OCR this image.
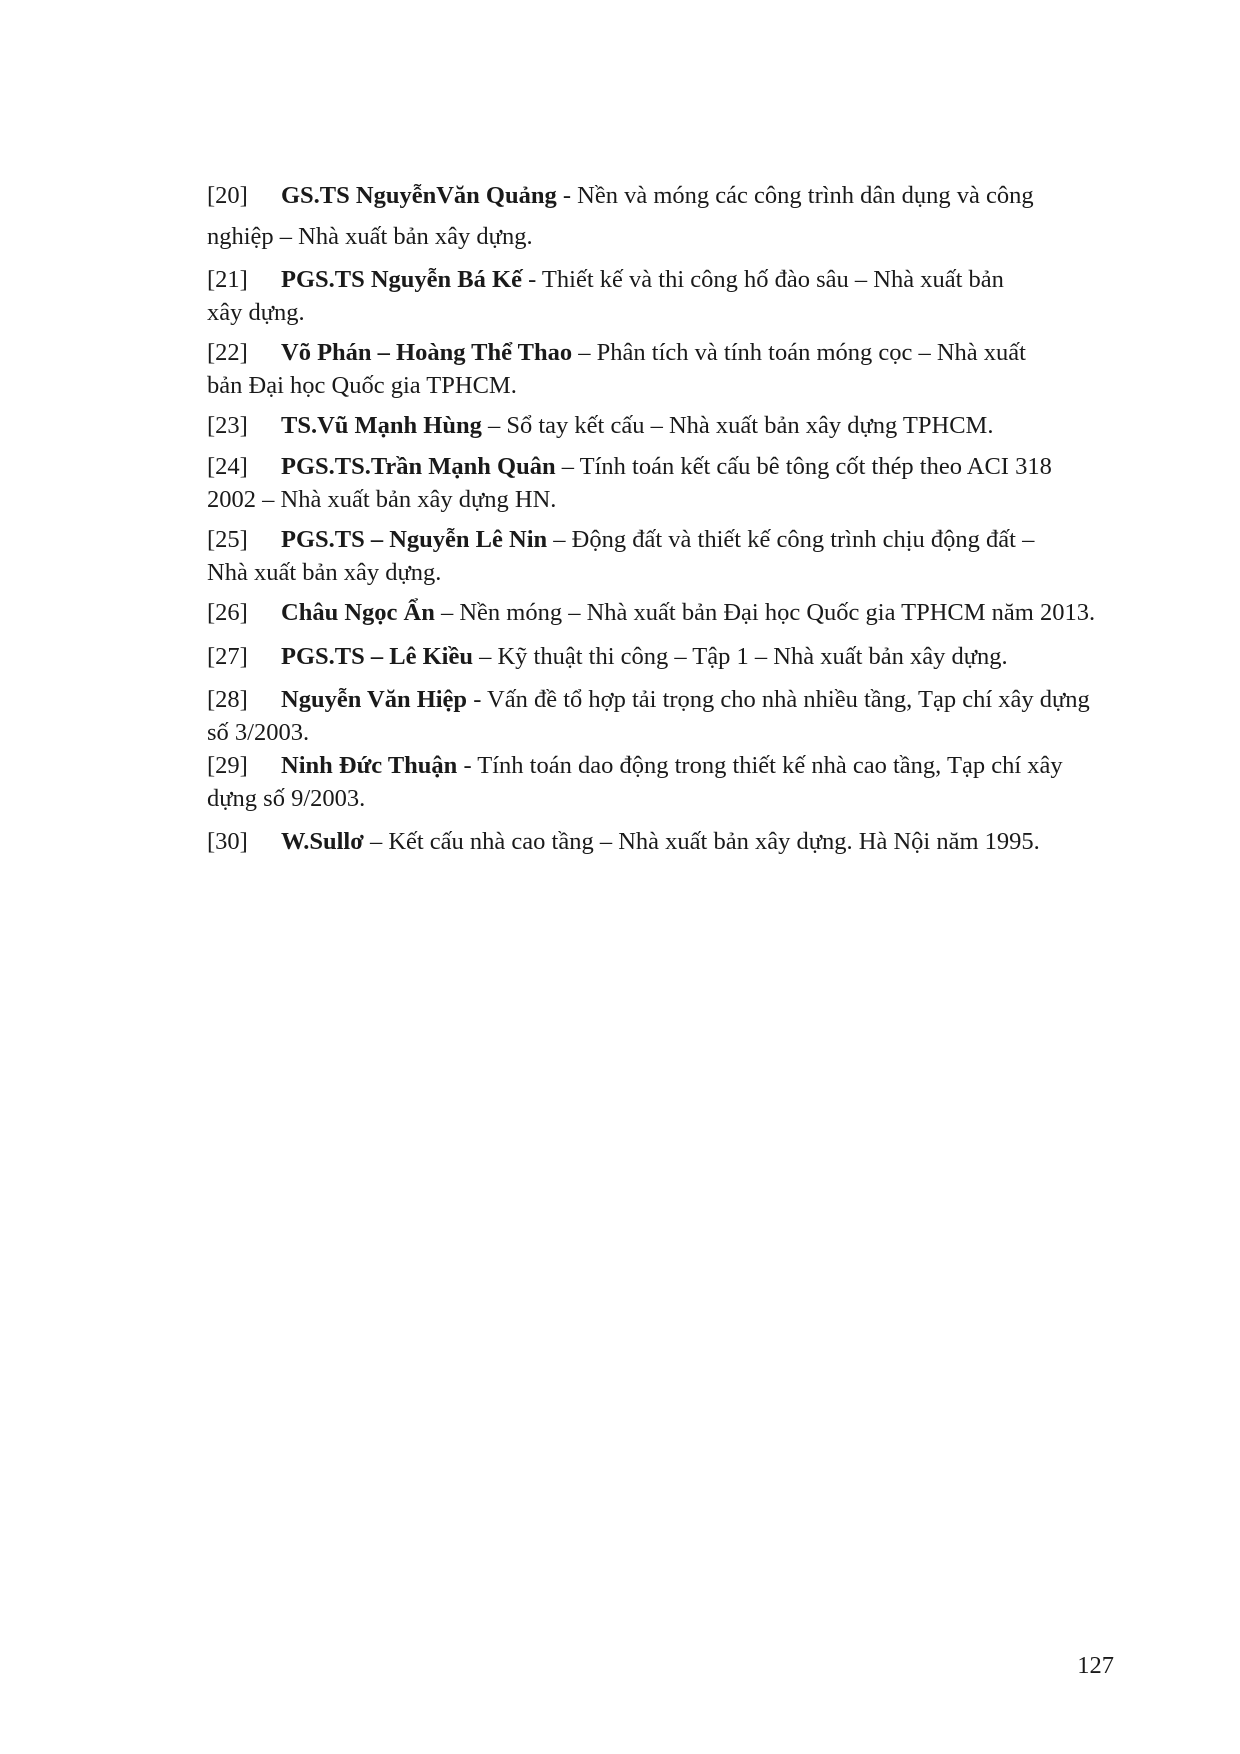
[20] GS.TS NguyễnVăn Quảng - Nền và móng các công trình dân dụng và công
nghiệp – Nhà xuất bản xây dựng.
[21] PGS.TS Nguyễn Bá Kế - Thiết kế và thi công hố đào sâu – Nhà xuất bản
xây dựng.
[22] Võ Phán – Hoàng Thể Thao – Phân tích và tính toán móng cọc – Nhà xuất
bản Đại học Quốc gia TPHCM.
[23] TS.Vũ Mạnh Hùng – Sổ tay kết cấu – Nhà xuất bản xây dựng TPHCM.
[24] PGS.TS.Trần Mạnh Quân – Tính toán kết cấu bê tông cốt thép theo ACI 318
2002 – Nhà xuất bản xây dựng HN.
[25] PGS.TS – Nguyễn Lê Nin – Động đất và thiết kế công trình chịu động đất –
Nhà xuất bản xây dựng.
[26] Châu Ngọc Ẩn – Nền móng – Nhà xuất bản Đại học Quốc gia TPHCM năm 2013.
[27] PGS.TS – Lê Kiều – Kỹ thuật thi công – Tập 1 – Nhà xuất bản xây dựng.
[28] Nguyễn Văn Hiệp - Vấn đề tổ hợp tải trọng cho nhà nhiều tầng, Tạp chí xây dựng
số 3/2003.
[29] Ninh Đức Thuận - Tính toán dao động trong thiết kế nhà cao tầng, Tạp chí xây
dựng số 9/2003.
[30] W.Sullơ – Kết cấu nhà cao tầng – Nhà xuất bản xây dựng. Hà Nội năm 1995.
127
